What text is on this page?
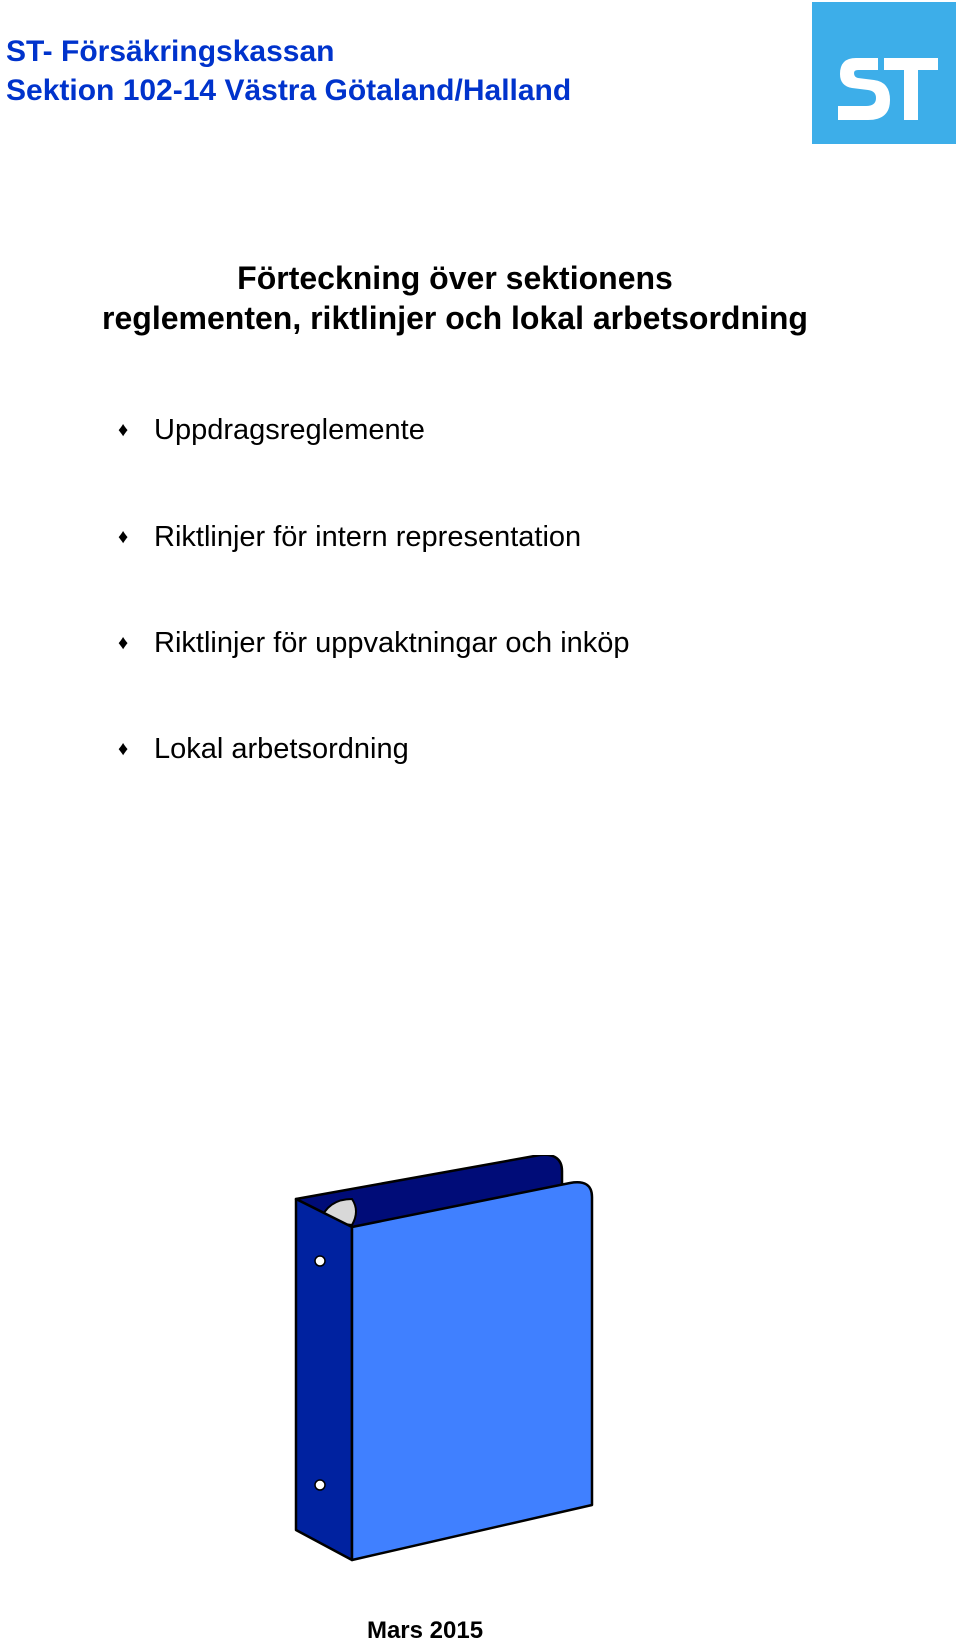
ST- Försäkringskassan
Sektion 102-14 Västra Götaland/Halland
ST
Förteckning över sektionens
reglementen, riktlinjer och lokal arbetsordning
♦ Uppdragsreglemente
♦ Riktlinjer för intern representation
♦ Riktlinjer för uppvaktningar och inköp
♦ Lokal arbetsordning
Mars 2015
